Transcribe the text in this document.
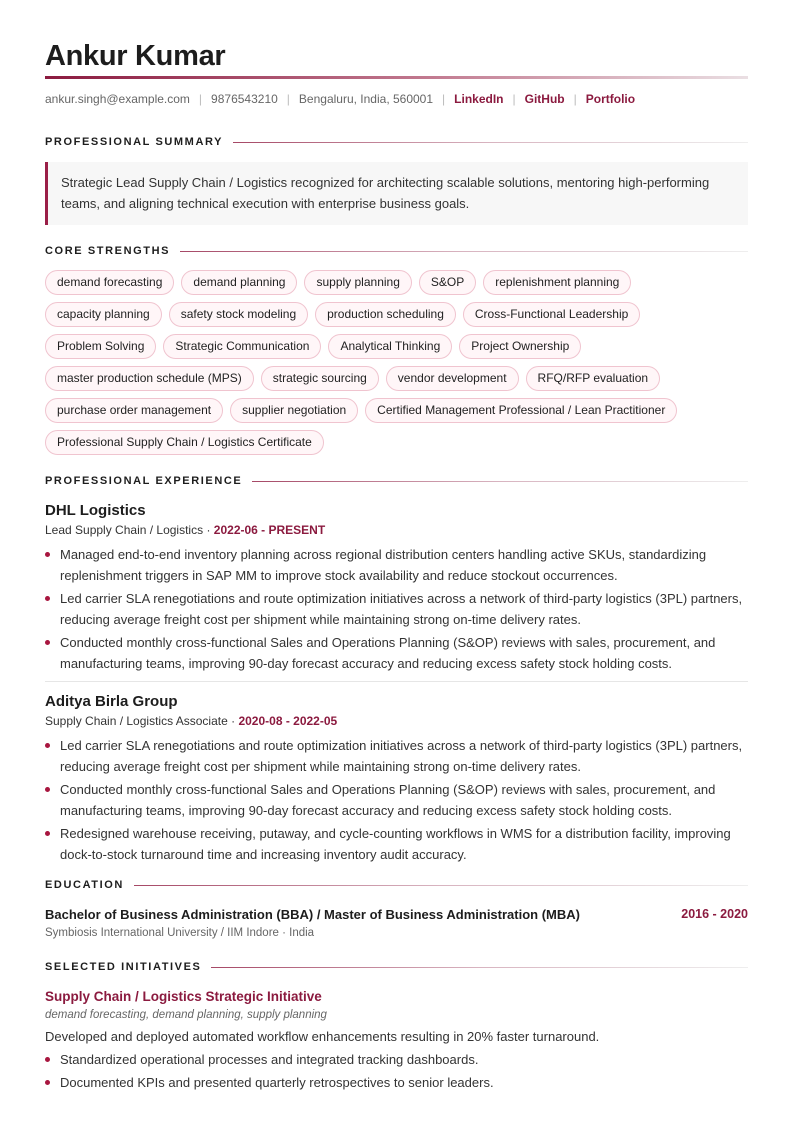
Ankur Kumar
ankur.singh@example.com | 9876543210 | Bengaluru, India, 560001 | LinkedIn | GitHub | Portfolio
PROFESSIONAL SUMMARY
Strategic Lead Supply Chain / Logistics recognized for architecting scalable solutions, mentoring high-performing teams, and aligning technical execution with enterprise business goals.
CORE STRENGTHS
demand forecasting	demand planning	supply planning	S&OP	replenishment planning
capacity planning	safety stock modeling	production scheduling	Cross-Functional Leadership
Problem Solving	Strategic Communication	Analytical Thinking	Project Ownership
master production schedule (MPS)	strategic sourcing	vendor development	RFQ/RFP evaluation
purchase order management	supplier negotiation	Certified Management Professional / Lean Practitioner
Professional Supply Chain / Logistics Certificate
PROFESSIONAL EXPERIENCE
DHL Logistics
Lead Supply Chain / Logistics · 2022-06 - PRESENT
Managed end-to-end inventory planning across regional distribution centers handling active SKUs, standardizing replenishment triggers in SAP MM to improve stock availability and reduce stockout occurrences.
Led carrier SLA renegotiations and route optimization initiatives across a network of third-party logistics (3PL) partners, reducing average freight cost per shipment while maintaining strong on-time delivery rates.
Conducted monthly cross-functional Sales and Operations Planning (S&OP) reviews with sales, procurement, and manufacturing teams, improving 90-day forecast accuracy and reducing excess safety stock holding costs.
Aditya Birla Group
Supply Chain / Logistics Associate · 2020-08 - 2022-05
Led carrier SLA renegotiations and route optimization initiatives across a network of third-party logistics (3PL) partners, reducing average freight cost per shipment while maintaining strong on-time delivery rates.
Conducted monthly cross-functional Sales and Operations Planning (S&OP) reviews with sales, procurement, and manufacturing teams, improving 90-day forecast accuracy and reducing excess safety stock holding costs.
Redesigned warehouse receiving, putaway, and cycle-counting workflows in WMS for a distribution facility, improving dock-to-stock turnaround time and increasing inventory audit accuracy.
EDUCATION
Bachelor of Business Administration (BBA) / Master of Business Administration (MBA)	2016 - 2020
Symbiosis International University / IIM Indore · India
SELECTED INITIATIVES
Supply Chain / Logistics Strategic Initiative
demand forecasting, demand planning, supply planning
Developed and deployed automated workflow enhancements resulting in 20% faster turnaround.
Standardized operational processes and integrated tracking dashboards.
Documented KPIs and presented quarterly retrospectives to senior leaders.
